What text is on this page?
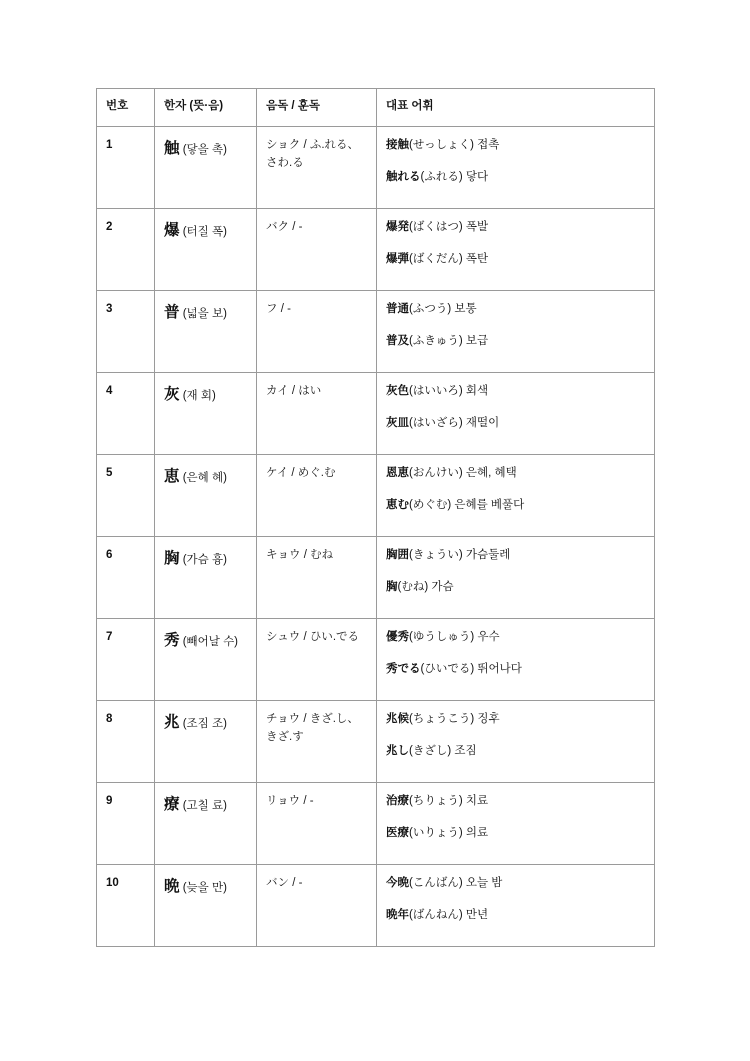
번호	한자 (뜻·음)	음독 / 훈독	대표 어휘
1	触 (닿을 촉)	ショク / ふ.れる、さわ.る	接触(せっしょく) 접촉
触れる(ふれる) 닿다

2	爆 (터질 폭)	バク / -	爆発(ばくはつ) 폭발
爆弾(ばくだん) 폭탄

3	普 (넓을 보)	フ / -	普通(ふつう) 보통
普及(ふきゅう) 보급

4	灰 (재 회)	カイ / はい	灰色(はいいろ) 회색
灰皿(はいざら) 재떨이

5	恵 (은혜 혜)	ケイ / めぐ.む	恩恵(おんけい) 은혜, 혜택
恵む(めぐむ) 은혜를 베풀다

6	胸 (가슴 흉)	キョウ / むね	胸囲(きょうい) 가슴둘레
胸(むね) 가슴

7	秀 (빼어날 수)	シュウ / ひい.でる	優秀(ゆうしゅう) 우수
秀でる(ひいでる) 뛰어나다

8	兆 (조짐 조)	チョウ / きざ.し、きざ.す	兆候(ちょうこう) 징후
兆し(きざし) 조짐

9	療 (고칠 료)	リョウ / -	治療(ちりょう) 치료
医療(いりょう) 의료

10	晩 (늦을 만)	バン / -	今晩(こんばん) 오늘 밤
晩年(ばんねん) 만년
